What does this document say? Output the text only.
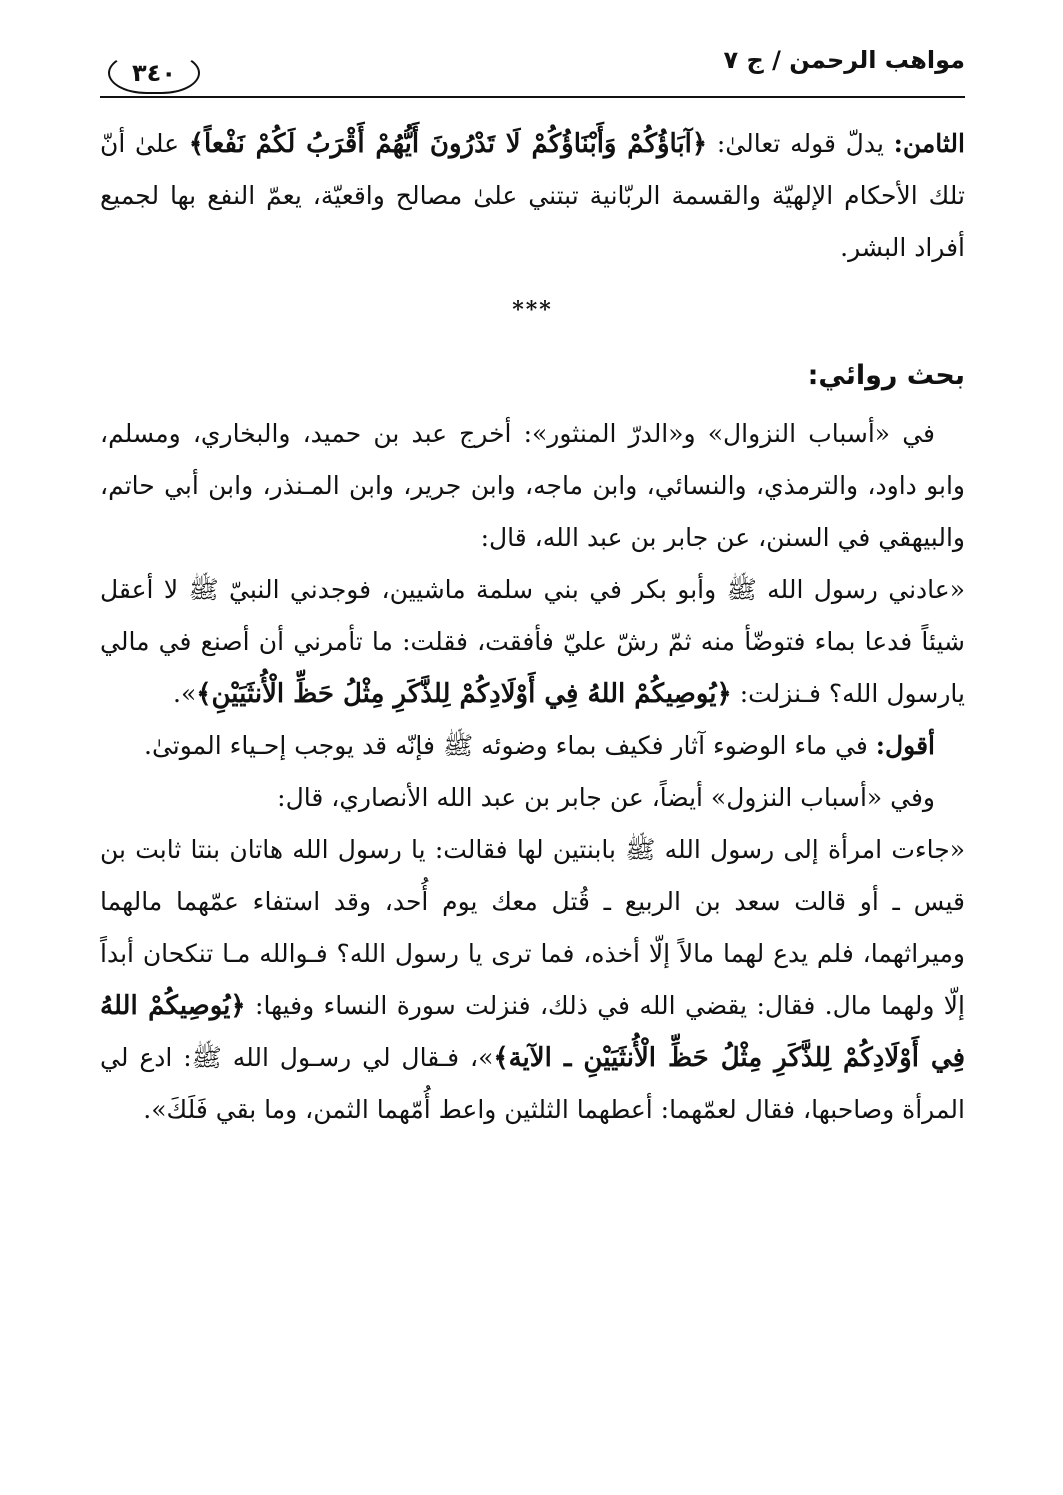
٣٤٠	مواهب الرحمن / ج ٧

الثامن: يدلّ قوله تعالىٰ: ﴿آبَاؤُكُمْ وَأَبْنَاؤُكُمْ لَا تَدْرُونَ أَيُّهُمْ أَقْرَبُ لَكُمْ نَفْعاً﴾ علىٰ أنّ تلك الأحكام الإلهيّة والقسمة الربّانية تبتني علىٰ مصالح واقعيّة، يعمّ النفع بها لجميع أفراد البشر.

***
بحث روائي:

في «أسباب النزوال» و«الدرّ المنثور»: أخرج عبد بن حميد، والبخاري، ومسلم، وابو داود، والترمذي، والنسائي، وابن ماجه، وابن جرير، وابن المـنذر، وابن أبي حاتم، والبيهقي في السنن، عن جابر بن عبد الله، قال:

«عادني رسول الله ﷺ وأبو بكر في بني سلمة ماشيين، فوجدني النبيّ ﷺ لا أعقل شيئاً فدعا بماء فتوضّأ منه ثمّ رشّ عليّ فأفقت، فقلت: ما تأمرني أن أصنع في مالي يارسول الله؟ فـنزلت: ﴿يُوصِيكُمْ اللهُ فِي أَوْلَادِكُمْ لِلذَّكَرِ مِثْلُ حَظِّ الْأُنثَيَيْنِ﴾».

أقول: في ماء الوضوء آثار فكيف بماء وضوئه ﷺ فإنّه قد يوجب إحـياء الموتىٰ.

وفي «أسباب النزول» أيضاً، عن جابر بن عبد الله الأنصاري، قال:

«جاءت امرأة إلى رسول الله ﷺ بابنتين لها فقالت: يا رسول الله هاتان بنتا ثابت بن قيس ـ أو قالت سعد بن الربيع ـ قُتل معك يوم أُحد، وقد استفاء عمّهما مالهما وميراثهما، فلم يدع لهما مالاً إلّا أخذه، فما ترى يا رسول الله؟ فـوالله مـا تنكحان أبداً إلّا ولهما مال. فقال: يقضي الله في ذلك، فنزلت سورة النساء وفيها: ﴿يُوصِيكُمْ اللهُ فِي أَوْلَادِكُمْ لِلذَّكَرِ مِثْلُ حَظِّ الْأُنثَيَيْنِ ـ الآية﴾»، فـقال لي رسـول الله ﷺ: ادع لي المرأة وصاحبها، فقال لعمّهما: أعطهما الثلثين واعط أُمّهما الثمن، وما بقي فَلَكَ».
